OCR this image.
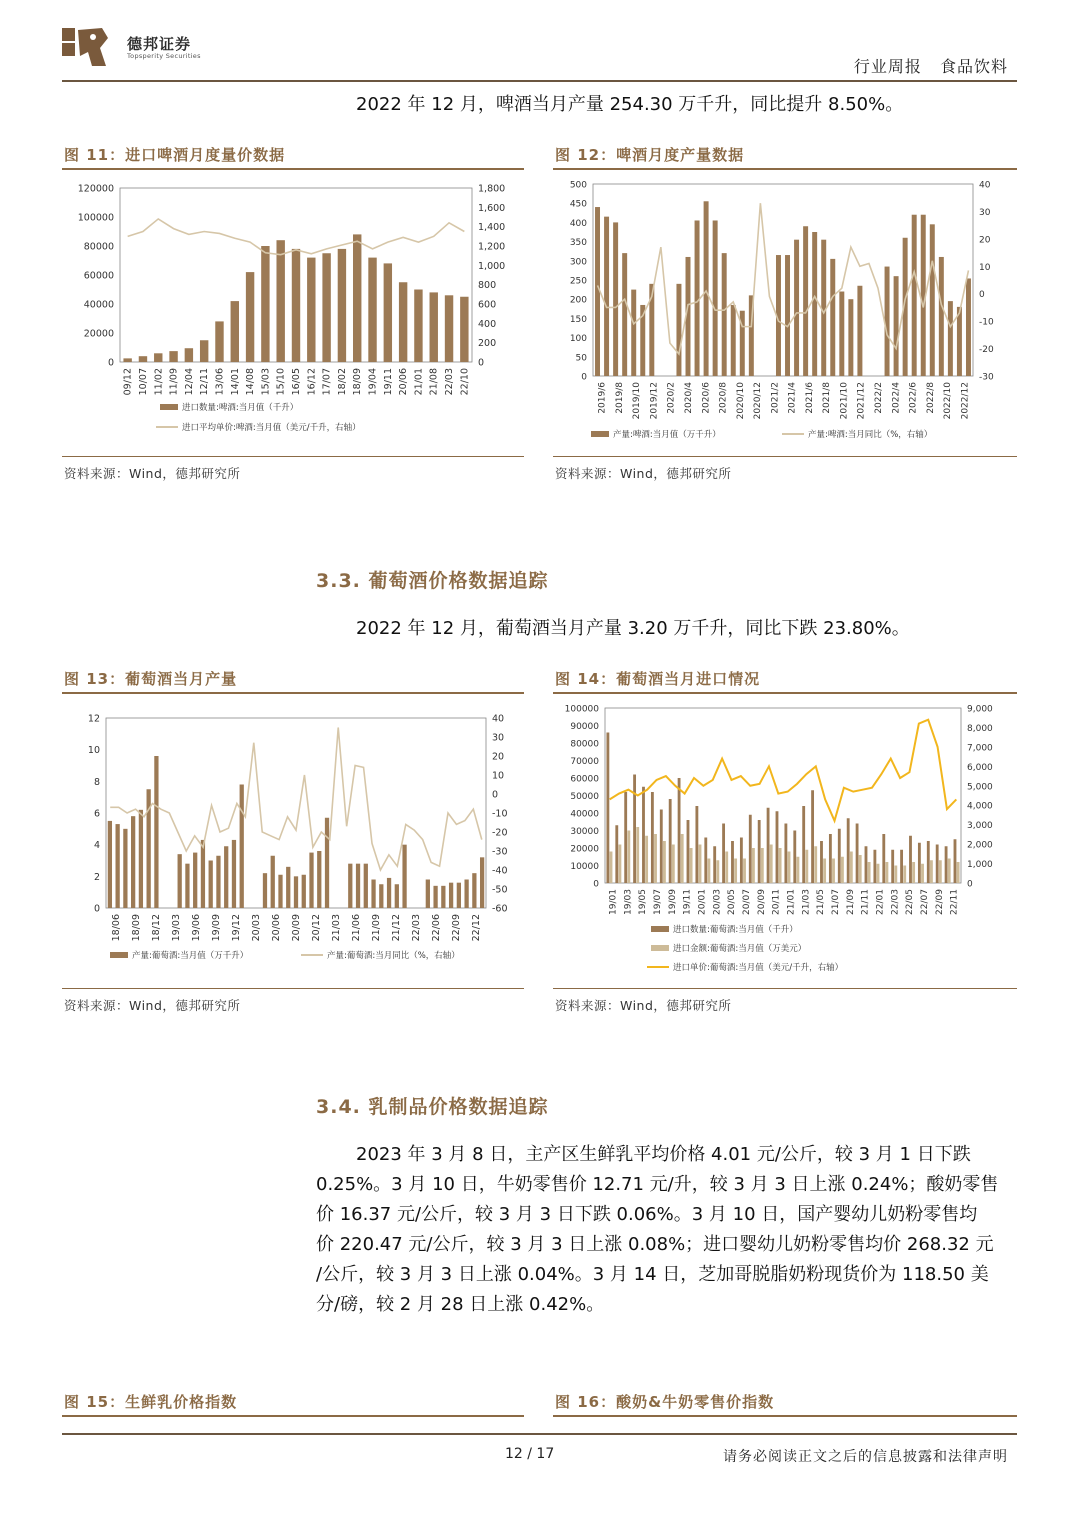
德邦证券
Topsperity Securities
行业周报 食品饮料
2022 年 12 月，啤酒当月产量 254.30 万千升，同比提升 8.50%。
图 11：进口啤酒月度量价数据
0
20000
40000
60000
80000
100000
120000
0
200
400
600
800
1,000
1,200
1,400
1,600
1,800
09/12 10/07 11/02 11/09 12/04 12/11 13/06 14/01 14/08 15/03 15/10 16/05 16/12 17/07 18/02 18/09 19/04 19/11 20/06 21/01 21/08 22/03 22/10
进口数量:啤酒:当月值（千升）
进口平均单价:啤酒:当月值（美元/千升，右轴）
资料来源：Wind，德邦研究所
图 12：啤酒月度产量数据
0
50
100
150
200
250
300
350
400
450
500
-30
-20
-10
0
10
20
30
40
2019/6 2019/8 2019/10 2019/12 2020/2 2020/4 2020/6 2020/8 2020/10 2020/12 2021/2 2021/4 2021/6 2021/8 2021/10 2021/12 2022/2 2022/4 2022/6 2022/8 2022/10 2022/12
产量:啤酒:当月值（万千升）	产量:啤酒:当月同比（%，右轴）
资料来源：Wind，德邦研究所
3.3. 葡萄酒价格数据追踪
2022 年 12 月，葡萄酒当月产量 3.20 万千升，同比下跌 23.80%。
图 13：葡萄酒当月产量
0
2
4
6
8
10
12
-60
-50
-40
-30
-20
-10
0
10
20
30
40
18/06 18/09 18/12 19/03 19/06 19/09 19/12 20/03 20/06 20/09 20/12 21/03 21/06 21/09 21/12 22/03 22/06 22/09 22/12
产量:葡萄酒:当月值（万千升）	产量:葡萄酒:当月同比（%，右轴）
资料来源：Wind，德邦研究所
图 14：葡萄酒当月进口情况
0
10000
20000
30000
40000
50000
60000
70000
80000
90000
100000
0
1,000
2,000
3,000
4,000
5,000
6,000
7,000
8,000
9,000
19/01 19/03 19/05 19/07 19/09 19/11 20/01 20/03 20/05 20/07 20/09 20/11 21/01 21/03 21/05 21/07 21/09 21/11 22/01 22/03 22/05 22/07 22/09 22/11
进口数量:葡萄酒:当月值（千升）
进口金额:葡萄酒:当月值（万美元）
进口单价:葡萄酒:当月值（美元/千升，右轴）
资料来源：Wind，德邦研究所
3.4. 乳制品价格数据追踪
2023 年 3 月 8 日，主产区生鲜乳平均价格 4.01 元/公斤，较 3 月 1 日下跌
0.25%。3 月 10 日，牛奶零售价 12.71 元/升，较 3 月 3 日上涨 0.24%；酸奶零售
价 16.37 元/公斤，较 3 月 3 日下跌 0.06%。3 月 10 日，国产婴幼儿奶粉零售均
价 220.47 元/公斤，较 3 月 3 日上涨 0.08%；进口婴幼儿奶粉零售均价 268.32 元
/公斤，较 3 月 3 日上涨 0.04%。3 月 14 日，芝加哥脱脂奶粉现货价为 118.50 美
分/磅，较 2 月 28 日上涨 0.42%。
图 15：生鲜乳价格指数	图 16：酸奶&牛奶零售价指数
12 / 17	请务必阅读正文之后的信息披露和法律声明
